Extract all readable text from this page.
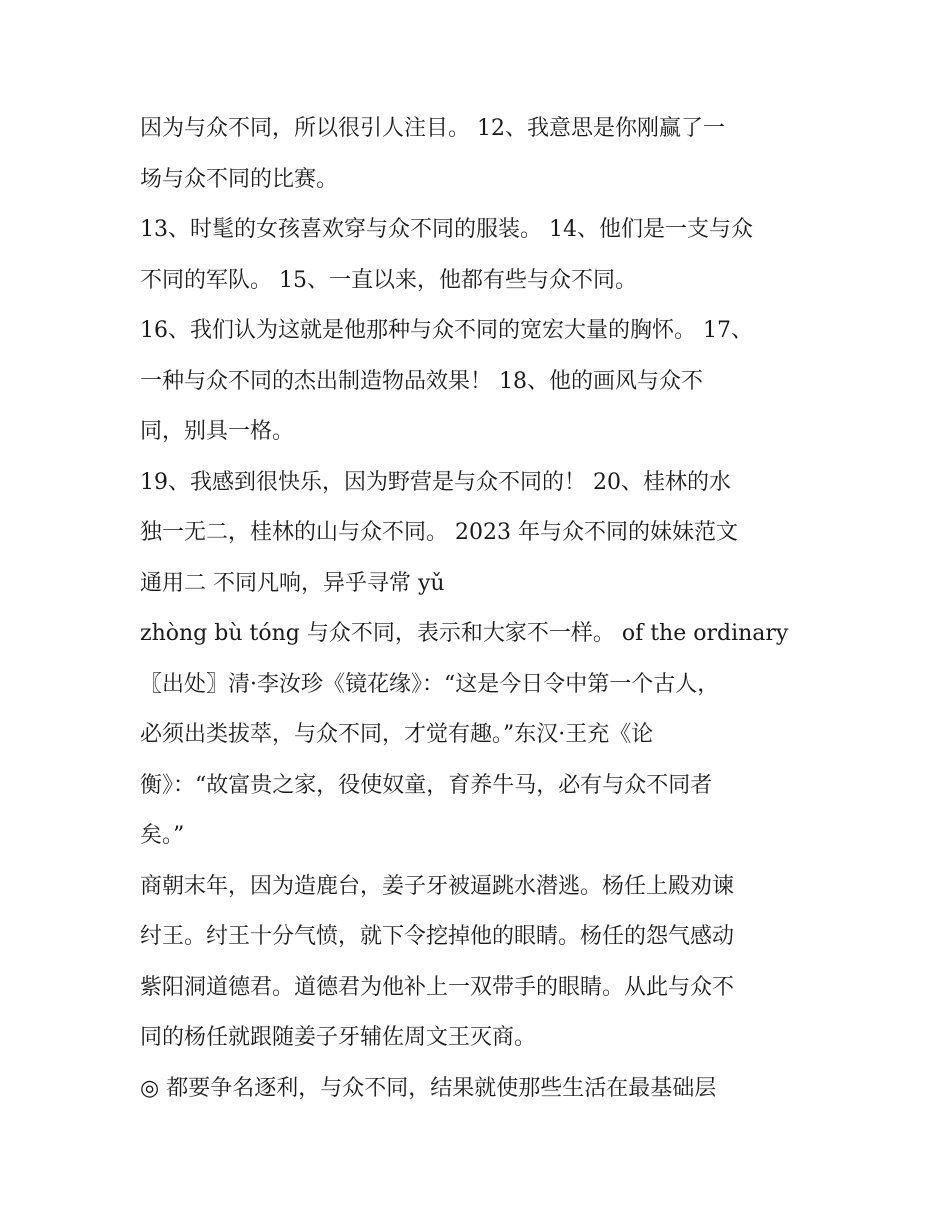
因为与众不同，所以很引人注目。 12、我意思是你刚赢了一
场与众不同的比赛。
13、时髦的女孩喜欢穿与众不同的服装。 14、他们是一支与众
不同的军队。 15、一直以来，他都有些与众不同。
16、我们认为这就是他那种与众不同的宽宏大量的胸怀。 17、
一种与众不同的杰出制造物品效果！ 18、他的画风与众不
同，别具一格。
19、我感到很快乐，因为野营是与众不同的！ 20、桂林的水
独一无二，桂林的山与众不同。 2023 年与众不同的妹妹范文
通用二 不同凡响，异乎寻常 yǔ
zhòng bù tóng 与众不同，表示和大家不一样。 of the ordinary
〖出处〗清·李汝珍《镜花缘》：“这是今日令中第一个古人，
必须出类拔萃，与众不同，才觉有趣。”东汉·王充《论
衡》：“故富贵之家，役使奴童，育养牛马，必有与众不同者
矣。”
商朝末年，因为造鹿台，姜子牙被逼跳水潜逃。杨任上殿劝谏
纣王。纣王十分气愤，就下令挖掉他的眼睛。杨任的怨气感动
紫阳洞道德君。道德君为他补上一双带手的眼睛。从此与众不
同的杨任就跟随姜子牙辅佐周文王灭商。
◎ 都要争名逐利，与众不同，结果就使那些生活在最基础层
